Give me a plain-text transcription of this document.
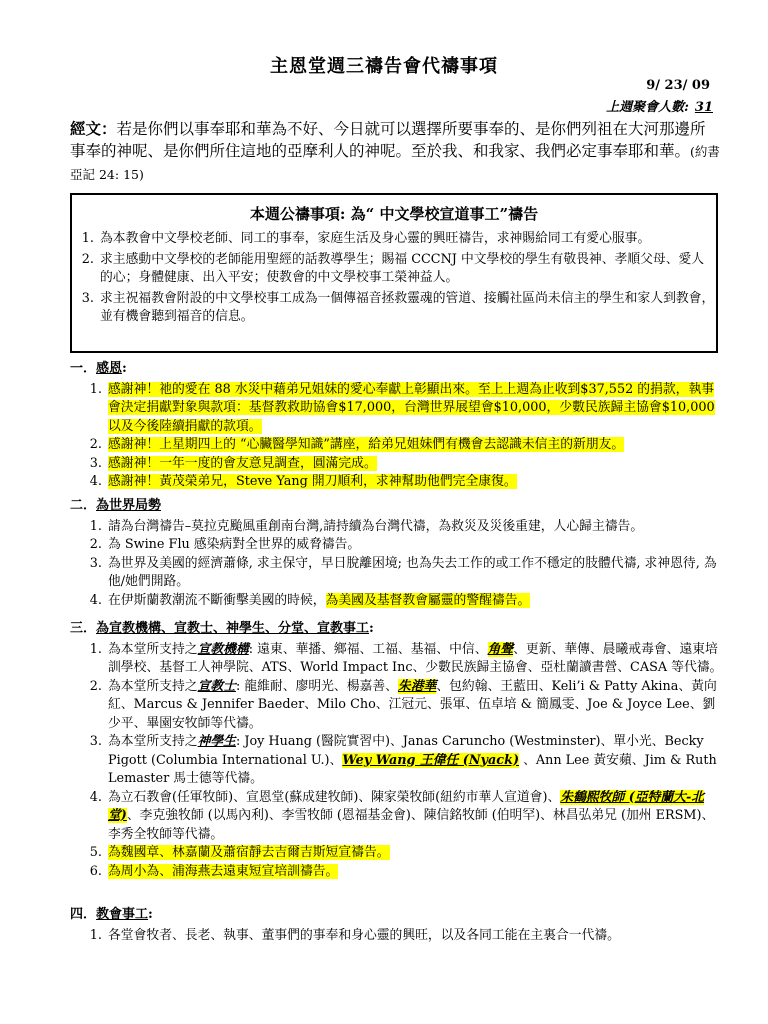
主恩堂週三禱告會代禱事項
9/ 23/ 09
上週聚會人數: 31
經文：若是你們以事奉耶和華為不好、今日就可以選擇所要事奉的、是你們列祖在大河那邊所事奉的神呢、是你們所住這地的亞摩利人的神呢。至於我、和我家、我們必定事奉耶和華。(約書亞記 24: 15)
本週公禱事項: 為“ 中文學校宣道事工”禱告
1. 為本教會中文學校老師、同工的事奉，家庭生活及身心靈的興旺禱告，求神賜給同工有愛心服事。
2. 求主感動中文學校的老師能用聖經的話教導學生；賜福 CCCNJ 中文學校的學生有敬畏神、孝順父母、愛人的心；身體健康、出入平安；使教會的中文學校事工榮神益人。
3. 求主祝福教會附設的中文學校事工成為一個傳福音拯救靈魂的管道、接觸社區尚未信主的學生和家人到教會，並有機會聽到福音的信息。
一．感恩:
1. 感謝神！祂的愛在 88 水災中藉弟兄姐妹的愛心奉獻上彰顯出來。至上上週為止收到$37,552 的捐款，執事會決定捐獻對象與款項：基督教救助協會$17,000，台灣世界展望會$10,000，少數民族歸主協會$10,000 以及今後陸續捐獻的款項。
2. 感謝神！上星期四上的 “心臟醫學知識”講座，給弟兄姐妹們有機會去認識未信主的新朋友。
3. 感謝神！一年一度的會友意見調查，圓滿完成。
4. 感謝神！黃茂榮弟兄，Steve Yang 開刀順利，求神幫助他們完全康復。
二．為世界局勢
1. 請為台灣禱告–莫拉克颱風重創南台灣,請持續為台灣代禱，為救災及災後重建，人心歸主禱告。
2. 為 Swine Flu 感染病對全世界的威脅禱告。
3. 為世界及美國的經濟蕭條, 求主保守，早日脫離困境; 也為失去工作的或工作不穩定的肢體代禱, 求神恩待, 為他/她們開路。
4. 在伊斯蘭教潮流不斷衝擊美國的時候，為美國及基督教會屬靈的警醒禱告。
三．為宣教機構、宣教士、神學生、分堂、宣教事工:
1. 為本堂所支持之宣教機構: 遠東、華播、鄉福、工福、基福、中信、角聲、更新、華傳、晨曦戒毒會、遠東培訓學校、基督工人神學院、ATS、World Impact Inc、少數民族歸主協會、亞杜蘭讀書營、CASA 等代禱。
2. 為本堂所支持之宣教士: 龍維耐、廖明光、楊嘉善、朱港華、包約翰、王藍田、Keli’i & Patty Akina、黃向紅、Marcus & Jennifer Baeder、Milo Cho、江冠元、張軍、伍卓培 & 簡鳳雯、Joe & Joyce Lee、劉少平、畢園安牧師等代禱。
3. 為本堂所支持之神學生: Joy Huang (醫院實習中)、Janas Caruncho (Westminster)、單小光、Becky Pigott (Columbia International U.)、Wey Wang 王偉任 (Nyack) 、Ann Lee 黃安蘋、Jim & Ruth Lemaster 馬士德等代禱。
4. 為立石教會(任軍牧師)、宣恩堂(蘇成建牧師)、陳家榮牧師(紐約市華人宣道會)、朱鶴熙牧師 (亞特蘭大-北堂)、李克強牧師 (以馬內利)、李雪牧師 (恩福基金會)、陳信銘牧師 (伯明罕)、林昌弘弟兄 (加州 ERSM)、李秀全牧師等代禱。
5. 為魏國章、林嘉蘭及蕭宿靜去吉爾吉斯短宣禱告。
6. 為周小為、浦海燕去遠東短宣培訓禱告。
四．教會事工:
1. 各堂會牧者、長老、執事、董事們的事奉和身心靈的興旺，以及各同工能在主裏合一代禱。
